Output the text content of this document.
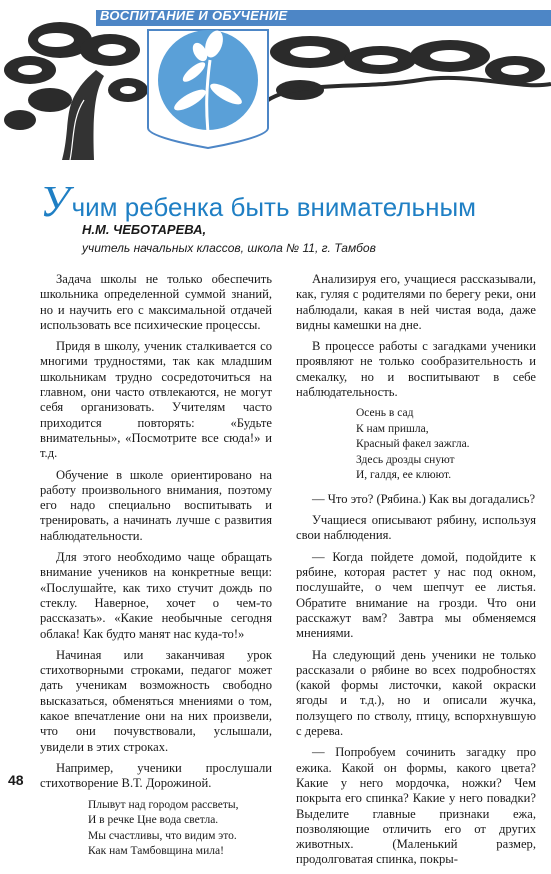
ВОСПИТАНИЕ И ОБУЧЕНИЕ
Учим ребенка быть внимательным
Н.М. ЧЕБОТАРЕВА,
учитель начальных классов, школа № 11, г. Тамбов

Задача школы не только обеспечить школьника определенной суммой знаний, но и научить его с максимальной отдачей использовать все психические процессы.

Придя в школу, ученик сталкивается со многими трудностями, так как младшим школьникам трудно сосредоточиться на главном, они часто отвлекаются, не могут себя организовать. Учителям часто приходится повторять: «Будьте внимательны», «Посмотрите все сюда!» и т.д.

Обучение в школе ориентировано на работу произвольного внимания, поэтому его надо специально воспитывать и тренировать, а начинать лучше с развития наблюдательности.

Для этого необходимо чаще обращать внимание учеников на конкретные вещи: «Послушайте, как тихо стучит дождь по стеклу. Наверное, хочет о чем-то рассказать». «Какие необычные сегодня облака! Как будто манят нас куда-то!»

Начиная или заканчивая урок стихотворными строками, педагог может дать ученикам возможность свободно высказаться, обменяться мнениями о том, какое впечатление они на них произвели, что они почувствовали, услышали, увидели в этих строках.

Например, ученики прослушали стихотворение В.Т. Дорожиной.

Плывут над городом рассветы,
И в речке Цне вода светла.
Мы счастливы, что видим это.
Как нам Тамбовщина мила!

Анализируя его, учащиеся рассказывали, как, гуляя с родителями по берегу реки, они наблюдали, какая в ней чистая вода, даже видны камешки на дне.

В процессе работы с загадками ученики проявляют не только сообразительность и смекалку, но и воспитывают в себе наблюдательность.

Осень в сад
К нам пришла,
Красный факел зажгла.
Здесь дрозды снуют
И, галдя, ее клюют.

— Что это? (Рябина.) Как вы догадались?

Учащиеся описывают рябину, используя свои наблюдения.

— Когда пойдете домой, подойдите к рябине, которая растет у нас под окном, послушайте, о чем шепчут ее листья. Обратите внимание на грозди. Что они расскажут вам? Завтра мы обменяемся мнениями.

На следующий день ученики не только рассказали о рябине во всех подробностях (какой формы листочки, какой окраски ягоды и т.д.), но и описали жучка, ползущего по стволу, птицу, вспорхнувшую с дерева.

— Попробуем сочинить загадку про ежика. Какой он формы, какого цвета? Какие у него мордочка, ножки? Чем покрыта его спинка? Какие у него повадки? Выделите главные признаки ежа, позволяющие отличить его от других животных. (Маленький размер, продолговатая спинка, покры-

48
